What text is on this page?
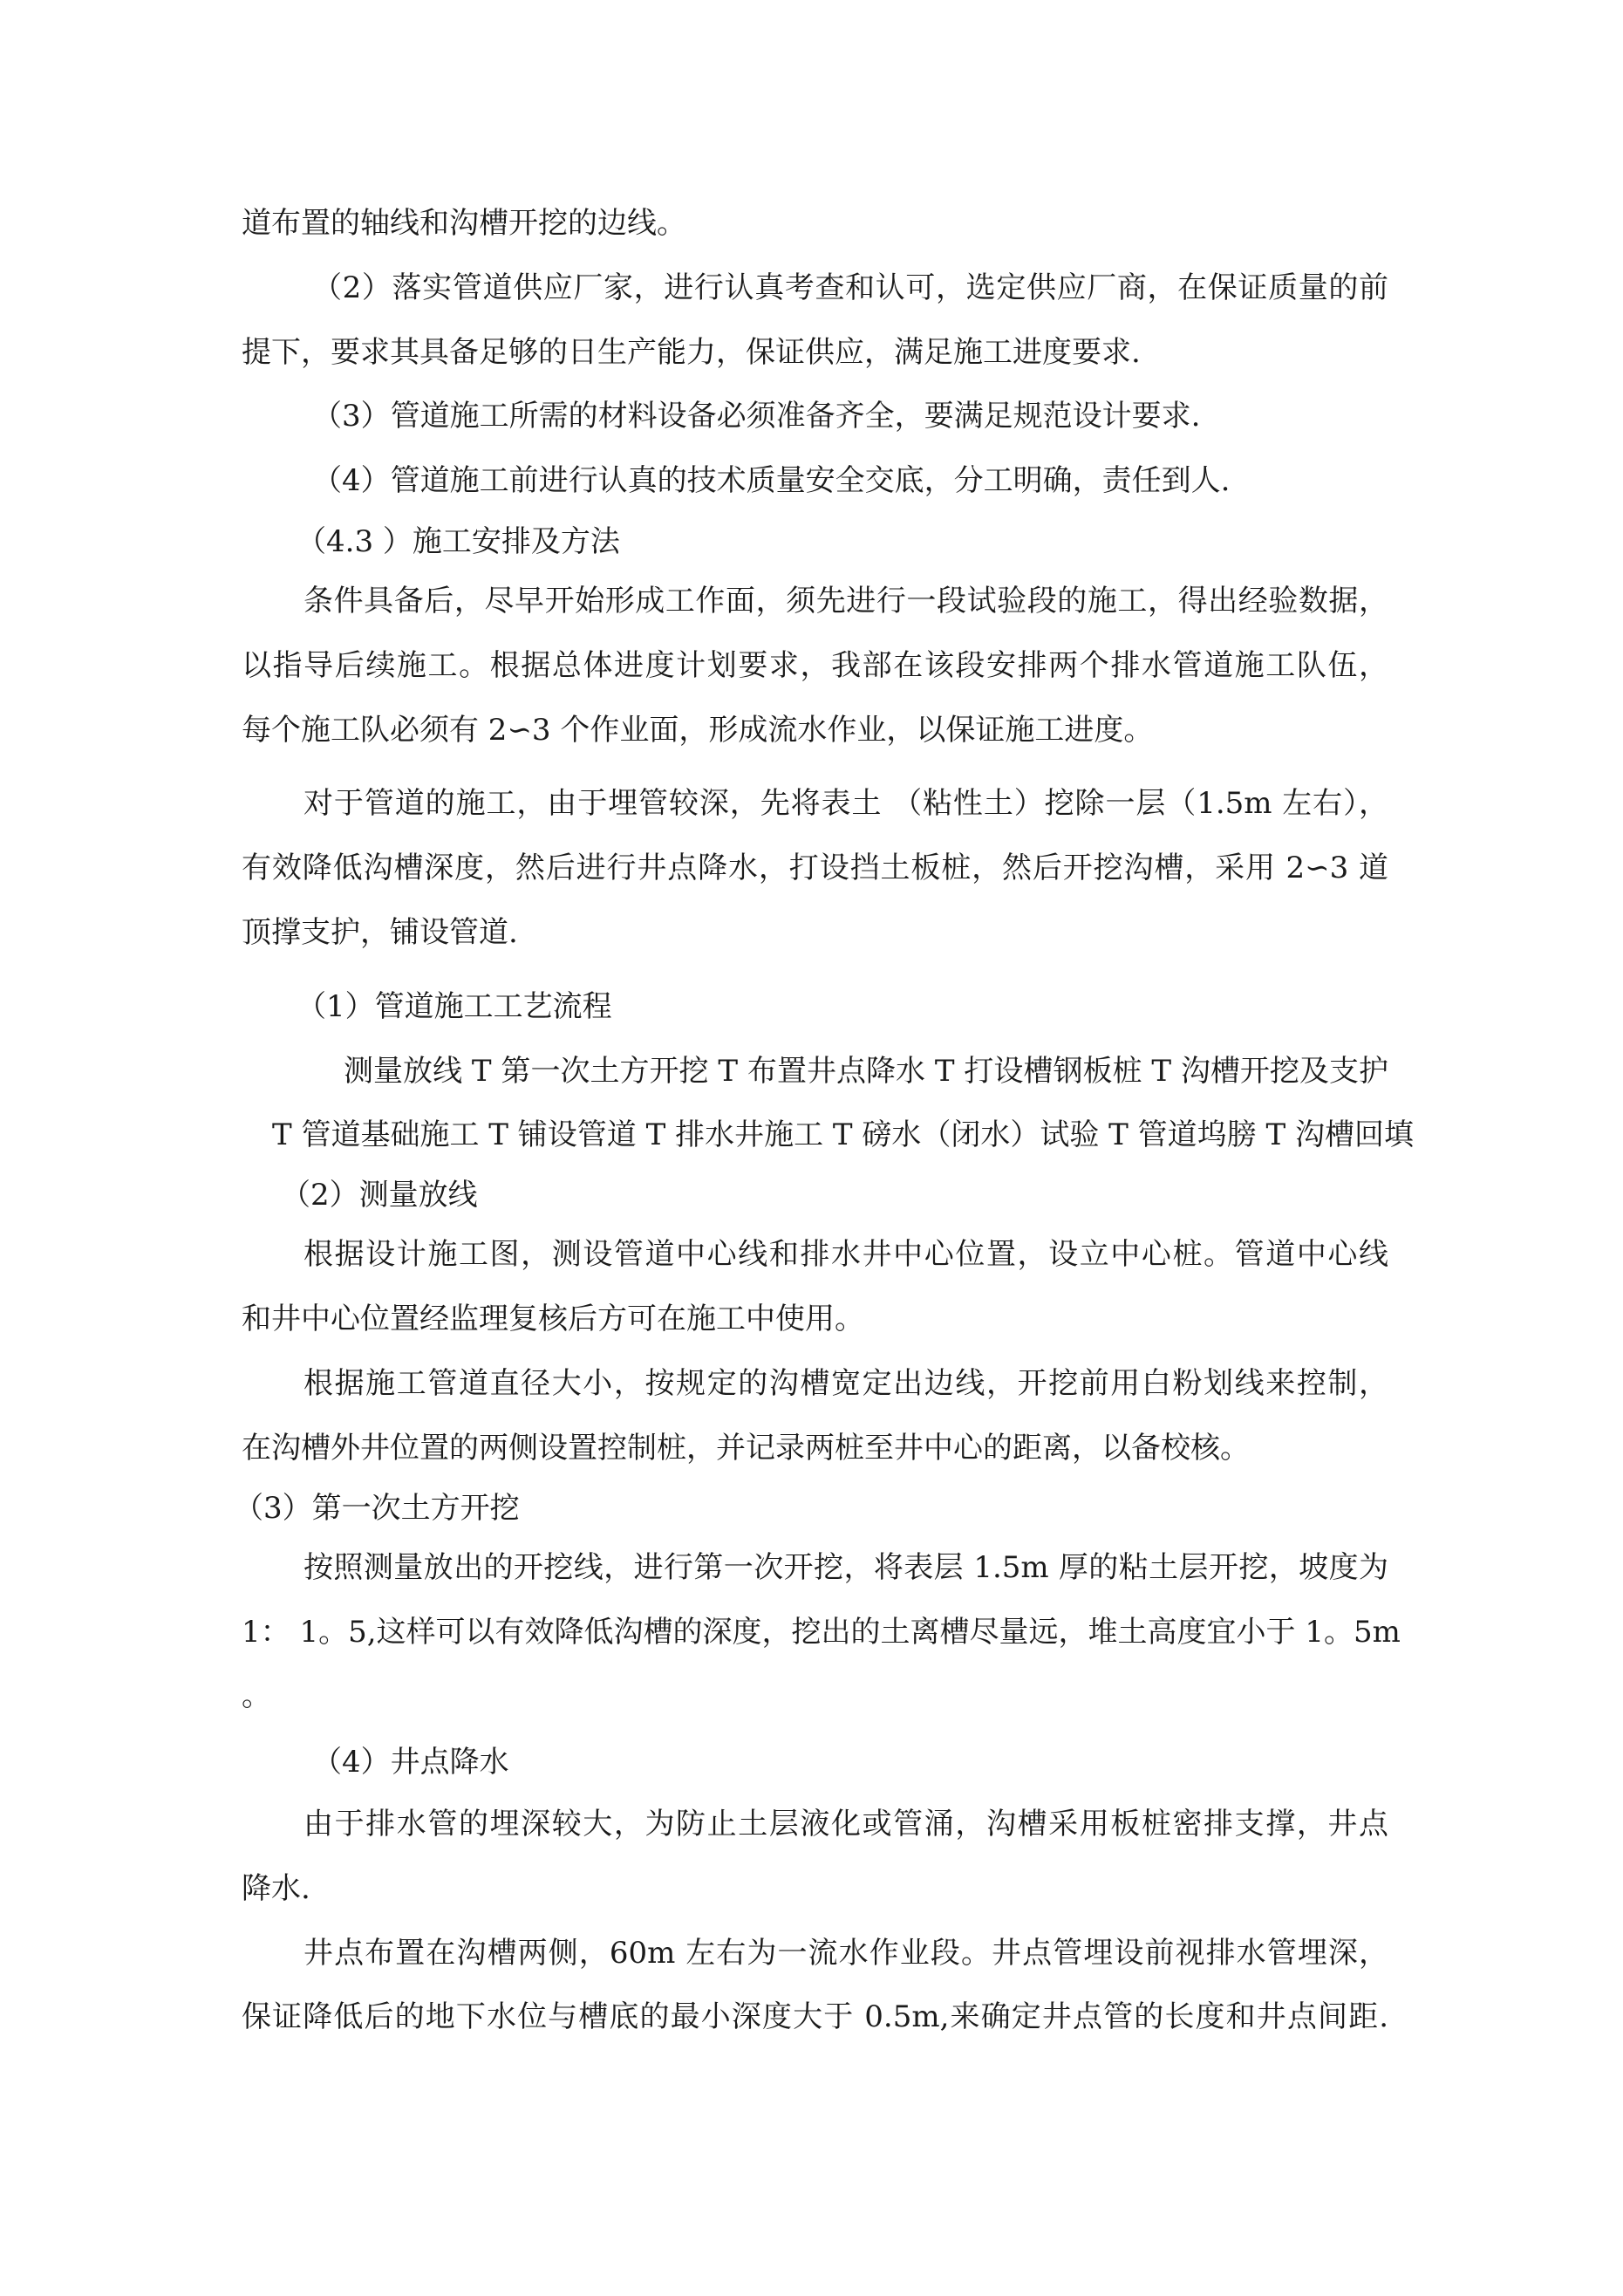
道布置的轴线和沟槽开挖的边线。
（2）落实管道供应厂家，进行认真考查和认可，选定供应厂商，在保证质量的前
提下，要求其具备足够的日生产能力，保证供应，满足施工进度要求.
（3）管道施工所需的材料设备必须准备齐全，要满足规范设计要求.
（4）管道施工前进行认真的技术质量安全交底，分工明确，责任到人.
（4.3 ）施工安排及方法
条件具备后，尽早开始形成工作面，须先进行一段试验段的施工，得出经验数据，
以指导后续施工。根据总体进度计划要求，我部在该段安排两个排水管道施工队伍，
每个施工队必须有 2∽3 个作业面，形成流水作业，以保证施工进度。
对于管道的施工，由于埋管较深，先将表土 （粘性土）挖除一层（1.5m 左右），
有效降低沟槽深度，然后进行井点降水，打设挡土板桩，然后开挖沟槽，采用 2∽3 道
顶撑支护，铺设管道.
（1）管道施工工艺流程
测量放线 T 第一次土方开挖 T 布置井点降水 T 打设槽钢板桩 T 沟槽开挖及支护
T 管道基础施工 T 铺设管道 T 排水井施工 T 磅水（闭水）试验 T 管道坞膀 T 沟槽回填
（2）测量放线
根据设计施工图，测设管道中心线和排水井中心位置，设立中心桩。管道中心线
和井中心位置经监理复核后方可在施工中使用。
根据施工管道直径大小，按规定的沟槽宽定出边线，开挖前用白粉划线来控制，
在沟槽外井位置的两侧设置控制桩，并记录两桩至井中心的距离，以备校核。
（3）第一次土方开挖
按照测量放出的开挖线，进行第一次开挖，将表层 1.5m 厚的粘土层开挖，坡度为
1： 1。5,这样可以有效降低沟槽的深度，挖出的土离槽尽量远，堆土高度宜小于 1。5m
。
（4）井点降水
由于排水管的埋深较大，为防止土层液化或管涌，沟槽采用板桩密排支撑，井点
降水.
井点布置在沟槽两侧，60m 左右为一流水作业段。井点管埋设前视排水管埋深，
保证降低后的地下水位与槽底的最小深度大于 0.5m,来确定井点管的长度和井点间距.
